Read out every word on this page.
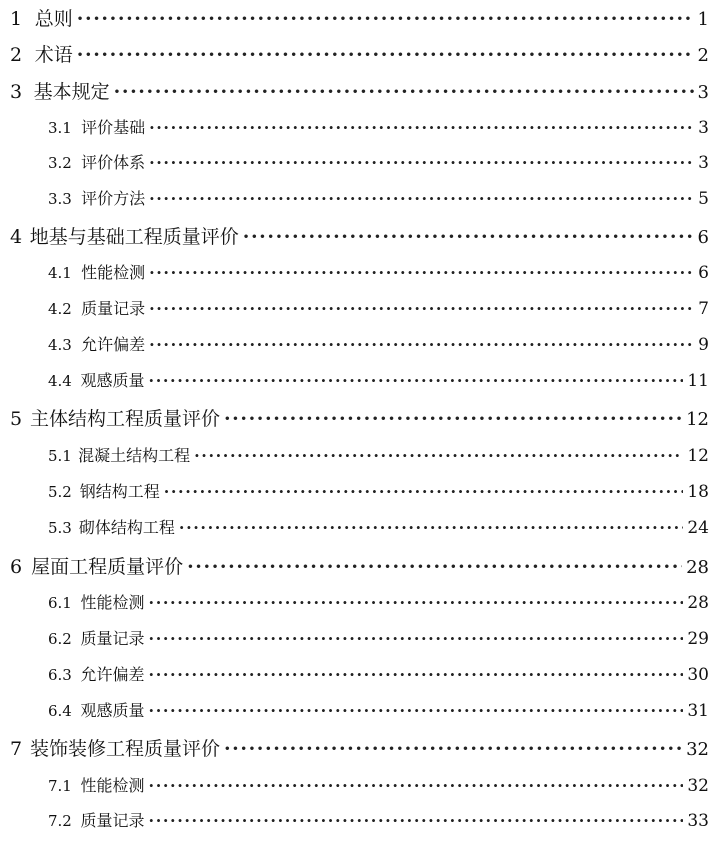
1 总则 ·····	1
2 术语 ·····	2
3 基本规定 ·····	3
3.1 评价基础 ·····	3
3.2 评价体系 ·····	3
3.3 评价方法 ·····	5
4 地基与基础工程质量评价 ·····	6
4.1 性能检测 ·····	6
4.2 质量记录 ·····	7
4.3 允许偏差 ·····	9
4.4 观感质量 ·····	11
5 主体结构工程质量评价 ·····	12
5.1 混凝土结构工程 ·····	12
5.2 钢结构工程 ·····	18
5.3 砌体结构工程 ·····	24
6 屋面工程质量评价 ·····	28
6.1 性能检测 ·····	28
6.2 质量记录 ·····	29
6.3 允许偏差 ·····	30
6.4 观感质量 ·····	31
7 装饰装修工程质量评价 ·····	32
7.1 性能检测 ·····	32
7.2 质量记录 ·····	33
